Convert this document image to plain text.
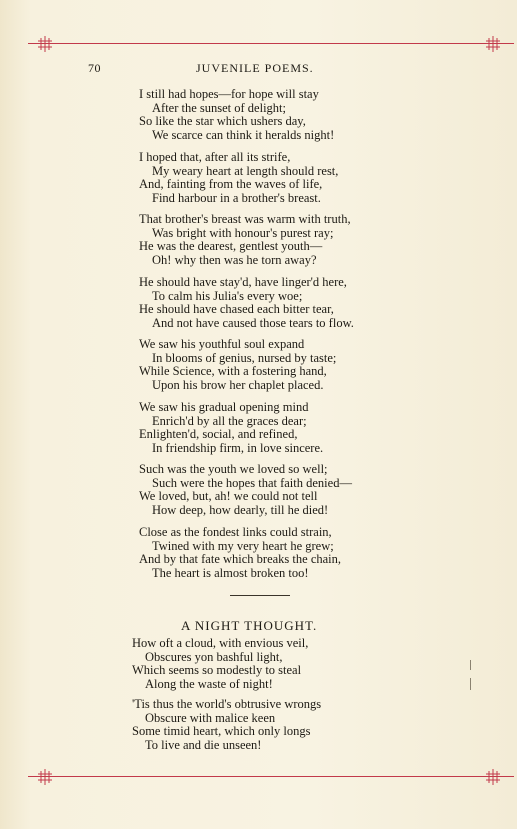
70	JUVENILE POEMS.
I still had hopes—for hope will stay
After the sunset of delight;
So like the star which ushers day,
We scarce can think it heralds night!
I hoped that, after all its strife,
My weary heart at length should rest,
And, fainting from the waves of life,
Find harbour in a brother's breast.
That brother's breast was warm with truth,
Was bright with honour's purest ray;
He was the dearest, gentlest youth—
Oh! why then was he torn away?
He should have stay'd, have linger'd here,
To calm his Julia's every woe;
He should have chased each bitter tear,
And not have caused those tears to flow.
We saw his youthful soul expand
In blooms of genius, nursed by taste;
While Science, with a fostering hand,
Upon his brow her chaplet placed.
We saw his gradual opening mind
Enrich'd by all the graces dear;
Enlighten'd, social, and refined,
In friendship firm, in love sincere.
Such was the youth we loved so well;
Such were the hopes that faith denied—
We loved, but, ah! we could not tell
How deep, how dearly, till he died!
Close as the fondest links could strain,
Twined with my very heart he grew;
And by that fate which breaks the chain,
The heart is almost broken too!
A NIGHT THOUGHT.
How oft a cloud, with envious veil,
Obscures yon bashful light,
Which seems so modestly to steal
Along the waste of night!
'Tis thus the world's obtrusive wrongs
Obscure with malice keen
Some timid heart, which only longs
To live and die unseen!
